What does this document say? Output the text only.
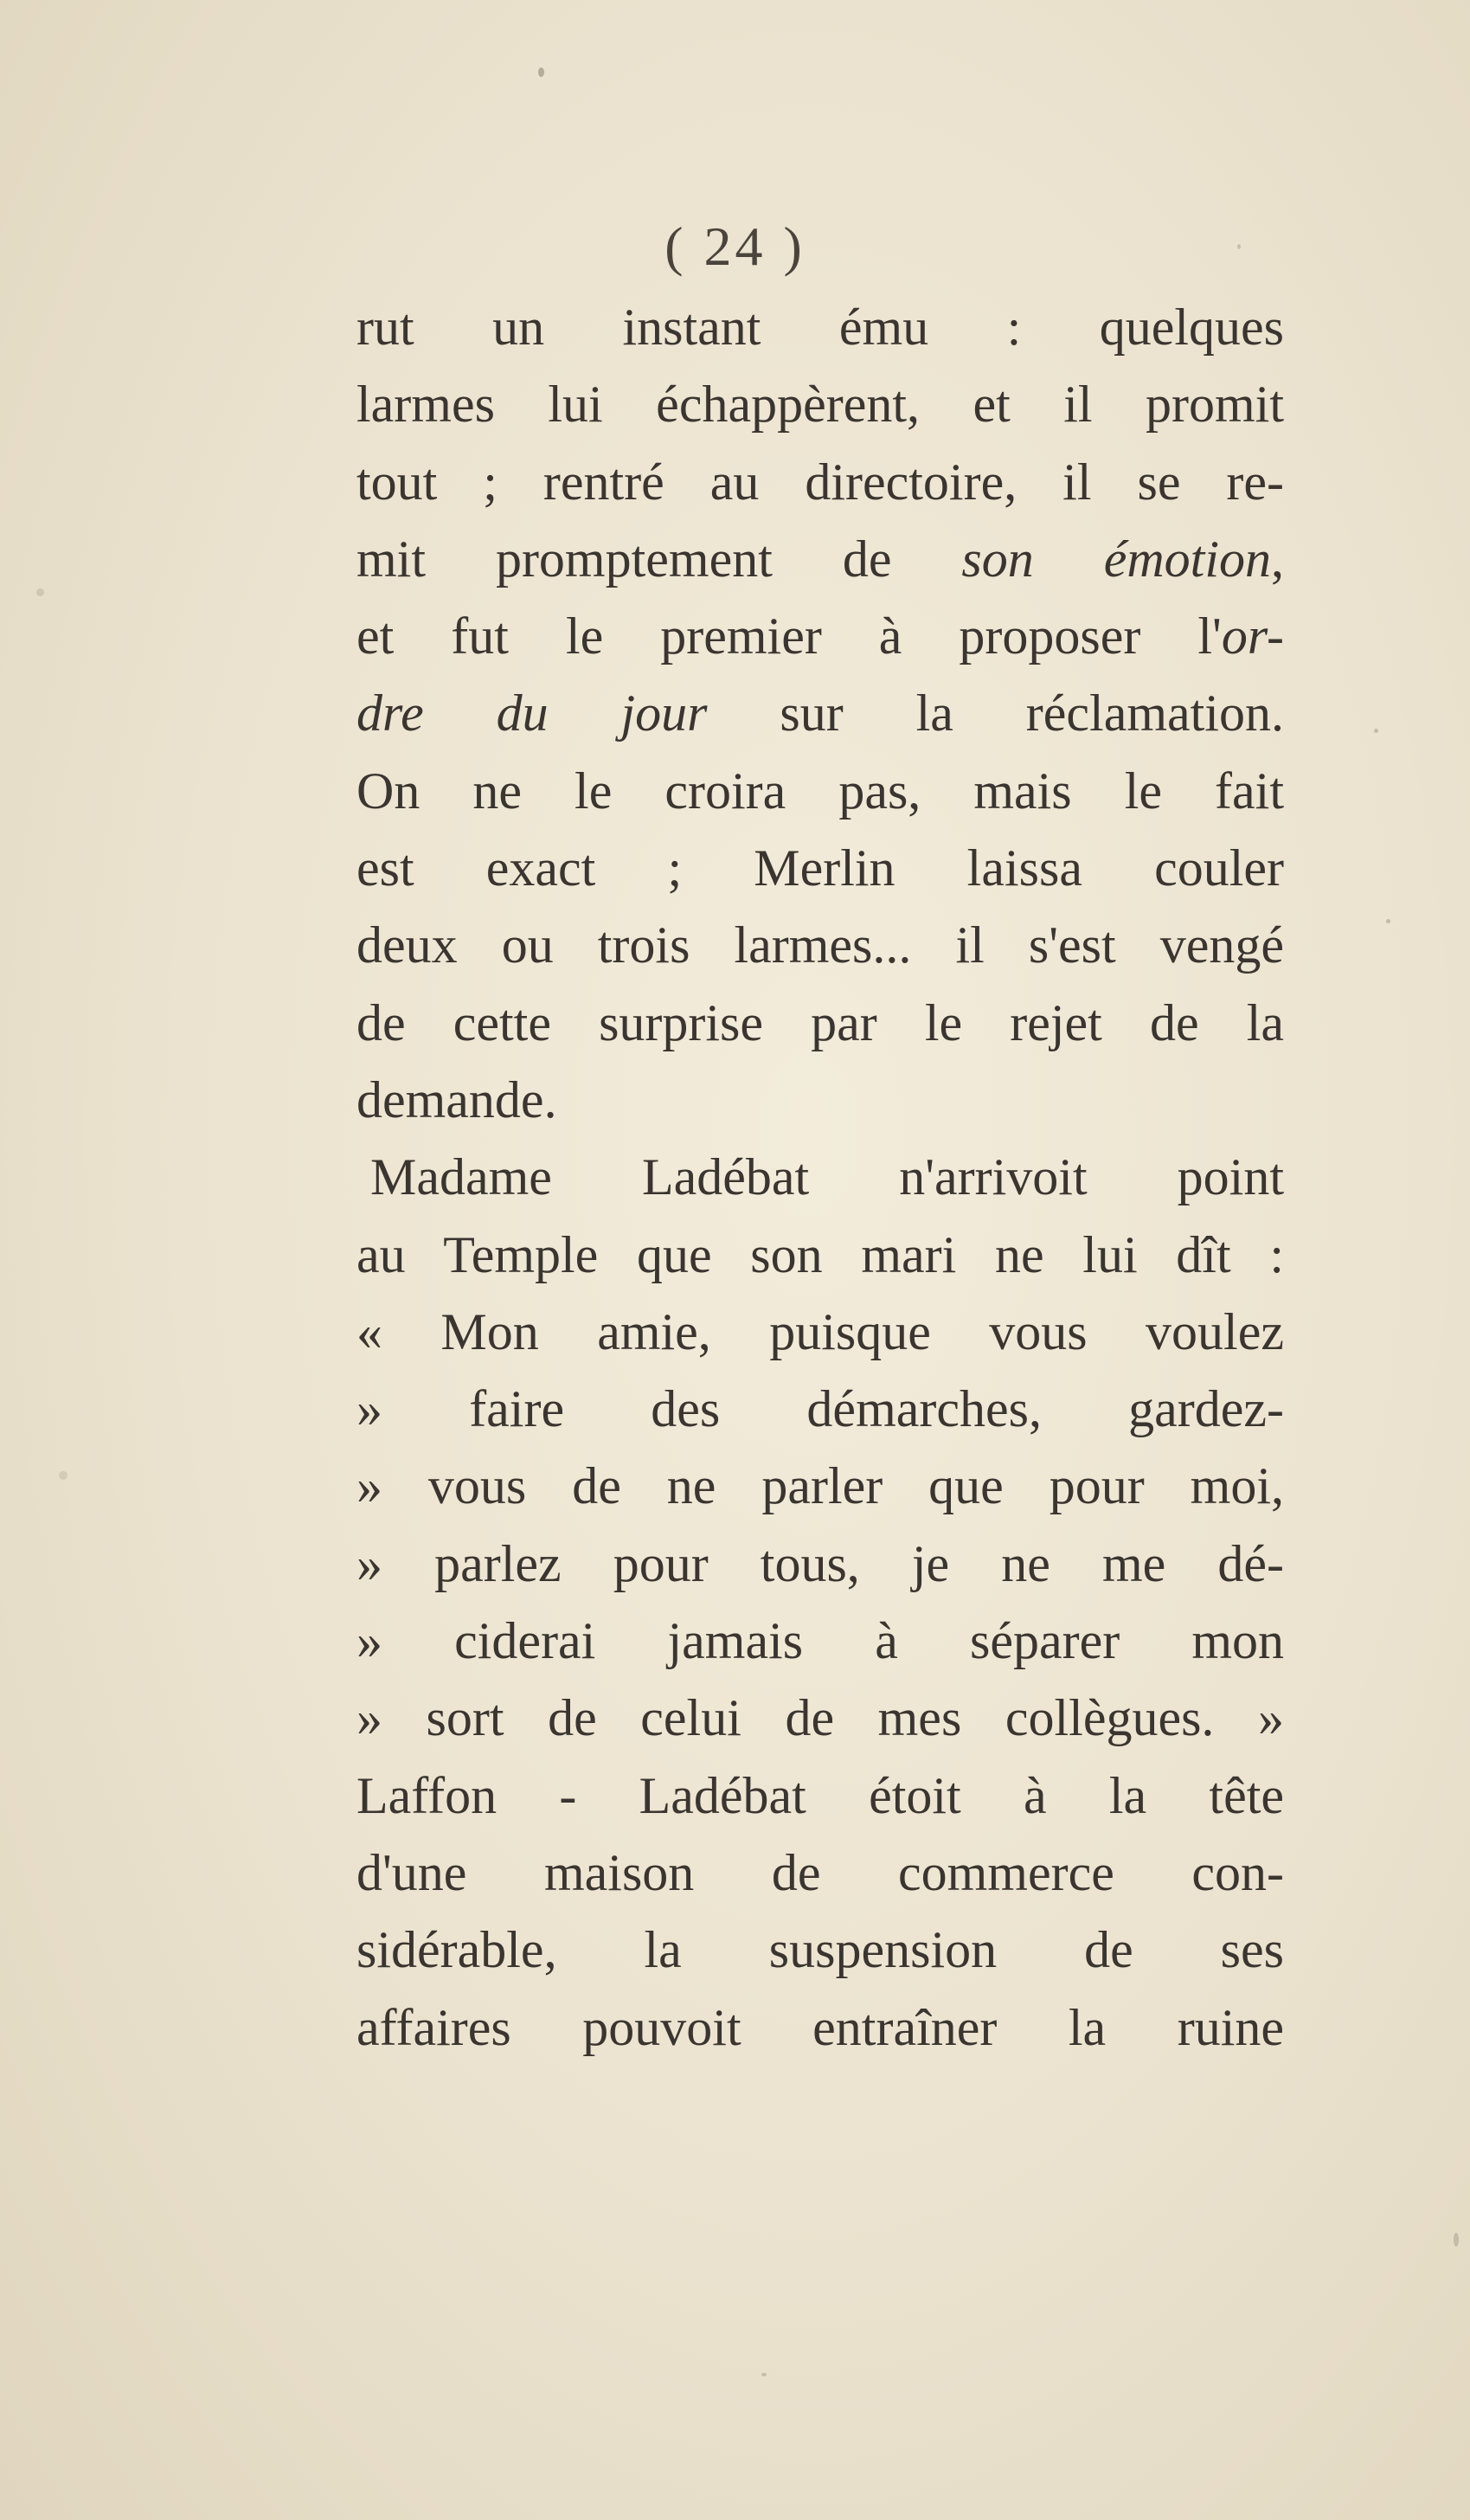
( 24 )
rut un instant ému : quelques
larmes lui échappèrent, et il promit
tout ; rentré au directoire, il se re-
mit promptement de son émotion,
et fut le premier à proposer l'or-
dre du jour sur la réclamation.
On ne le croira pas, mais le fait
est exact ; Merlin laissa couler
deux ou trois larmes... il s'est vengé
de cette surprise par le rejet de la
demande.
Madame Ladébat n'arrivoit point
au Temple que son mari ne lui dît :
« Mon amie, puisque vous voulez
» faire des démarches, gardez-
» vous de ne parler que pour moi,
» parlez pour tous, je ne me dé-
» ciderai jamais à séparer mon
» sort de celui de mes collègues. »
Laffon - Ladébat étoit à la tête
d'une maison de commerce con-
sidérable, la suspension de ses
affaires pouvoit entraîner la ruine
